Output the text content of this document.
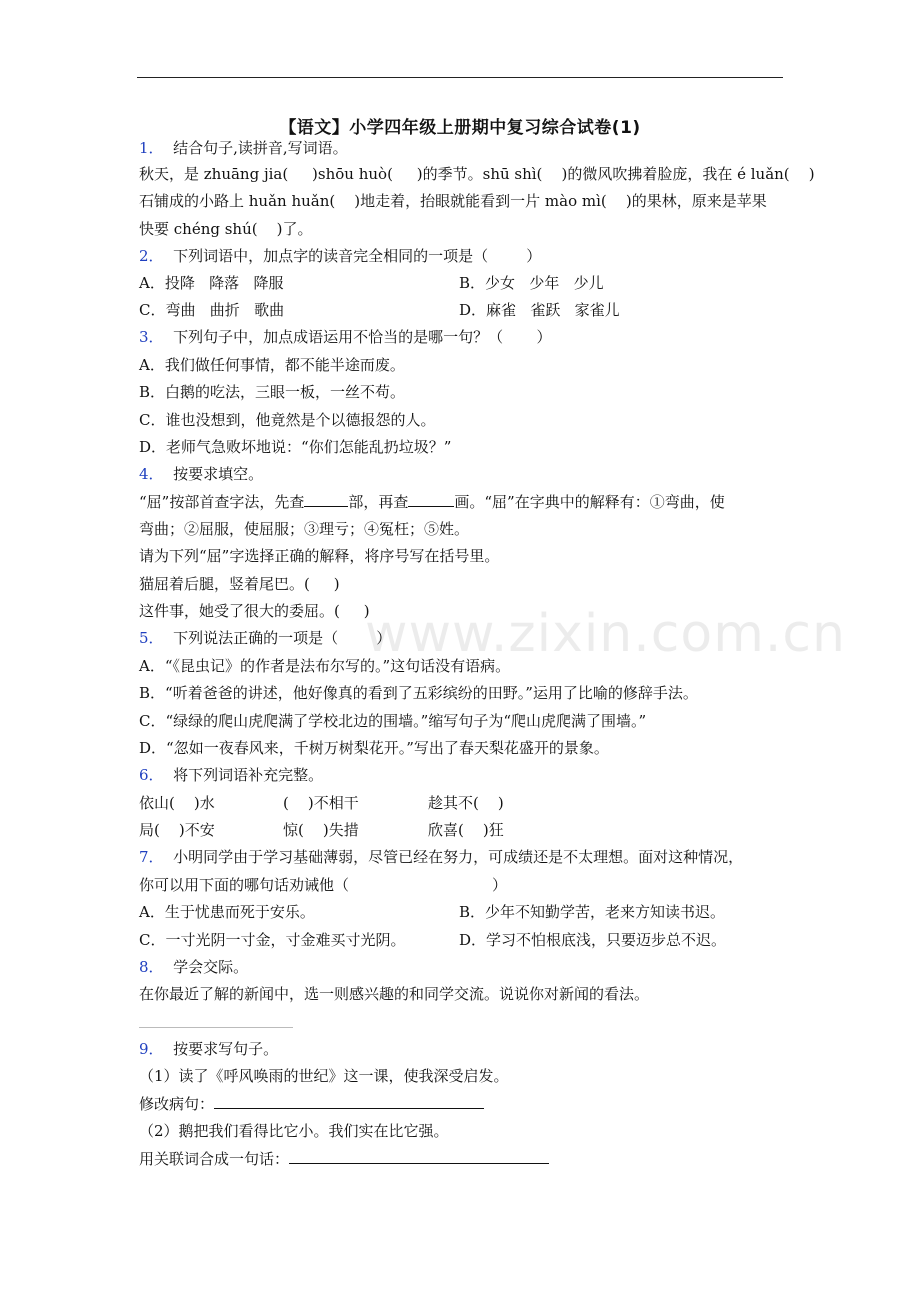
【语文】小学四年级上册期中复习综合试卷(1)
1． 结合句子,读拼音,写词语。
秋天，是 zhuāng jia(     )shōu huò(     )的季节。shū shì(    )的微风吹拂着脸庞，我在 é luǎn(    )
石铺成的小路上 huǎn huǎn(    )地走着，抬眼就能看到一片 mào mì(    )的果林，原来是苹果
快要 chéng shú(    )了。
2． 下列词语中，加点字的读音完全相同的一项是（        ）
A．投降   降落   降服	B．少女   少年   少儿
C．弯曲   曲折   歌曲	D．麻雀   雀跃   家雀儿
3． 下列句子中，加点成语运用不恰当的是哪一句？（       ）
A．我们做任何事情，都不能半途而废。
B．白鹅的吃法，三眼一板，一丝不苟。
C．谁也没想到，他竟然是个以德报怨的人。
D．老师气急败坏地说：“你们怎能乱扔垃圾？”
4． 按要求填空。
“屈”按部首查字法，先查	部，再查	画。“屈”在字典中的解释有：①弯曲，使
弯曲；②屈服，使屈服；③理亏；④冤枉；⑤姓。
请为下列“屈”字选择正确的解释，将序号写在括号里。
猫屈着后腿，竖着尾巴。(     )
这件事，她受了很大的委屈。(     )
www.zixin.com.cn
5． 下列说法正确的一项是（        ）
A．“《昆虫记》的作者是法布尔写的。”这句话没有语病。
B．“听着爸爸的讲述，他好像真的看到了五彩缤纷的田野。”运用了比喻的修辞手法。
C．“绿绿的爬山虎爬满了学校北边的围墙。”缩写句子为“爬山虎爬满了围墙。”
D．“忽如一夜春风来，千树万树梨花开。”写出了春天梨花盛开的景象。
6． 将下列词语补充完整。
依山(    )水	(    )不相干	趁其不(    )
局(    )不安	惊(    )失措	欣喜(    )狂
7． 小明同学由于学习基础薄弱，尽管已经在努力，可成绩还是不太理想。面对这种情况，
你可以用下面的哪句话劝诫他（                              ）
A．生于忧患而死于安乐。	B．少年不知勤学苦，老来方知读书迟。
C．一寸光阴一寸金，寸金难买寸光阴。	D．学习不怕根底浅，只要迈步总不迟。
8． 学会交际。
在你最近了解的新闻中，选一则感兴趣的和同学交流。说说你对新闻的看法。
9． 按要求写句子。
（1）读了《呼风唤雨的世纪》这一课，使我深受启发。
修改病句：
（2）鹅把我们看得比它小。我们实在比它强。
用关联词合成一句话：
